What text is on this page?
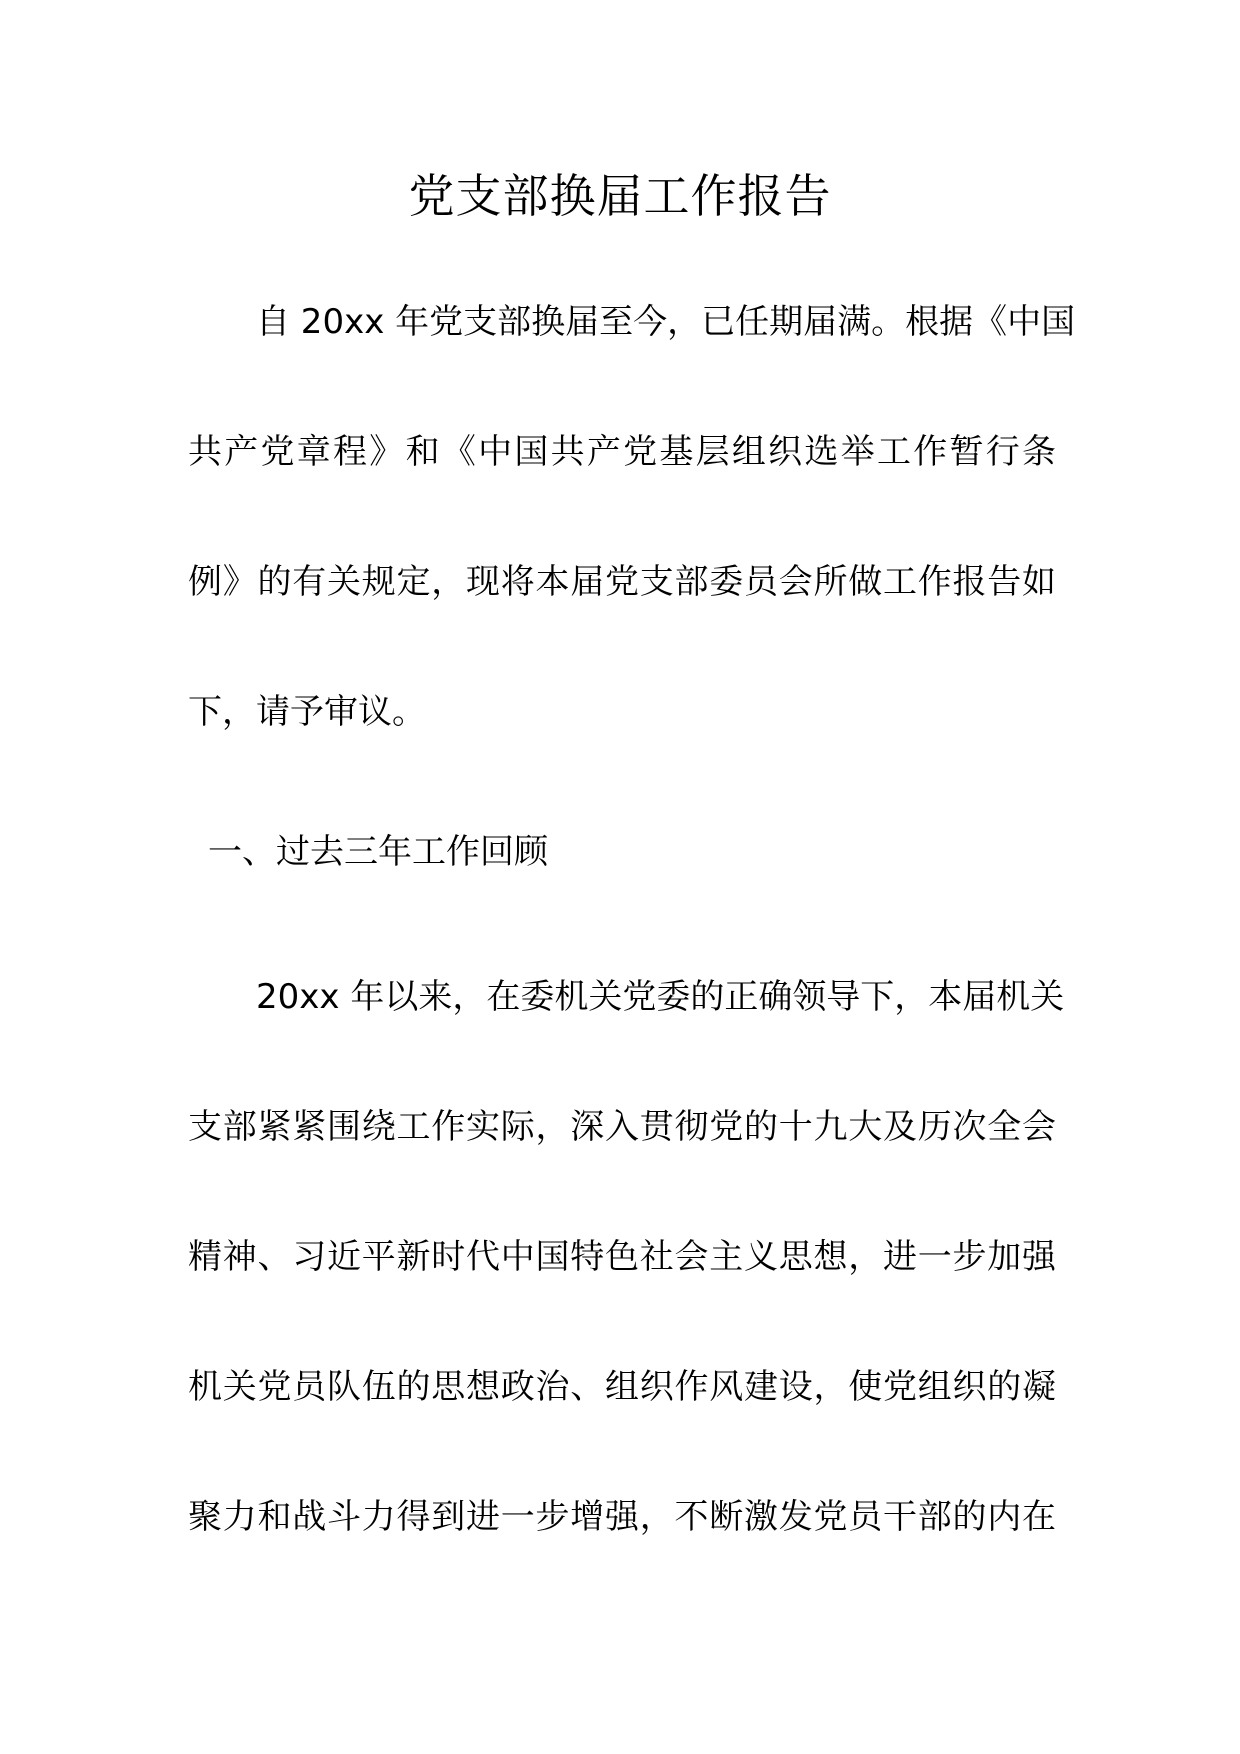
党支部换届工作报告
自 20xx 年党支部换届至今，已任期届满。根据《中国
共产党章程》和《中国共产党基层组织选举工作暂行条
例》的有关规定，现将本届党支部委员会所做工作报告如
下，请予审议。
一、过去三年工作回顾
20xx 年以来，在委机关党委的正确领导下，本届机关
支部紧紧围绕工作实际，深入贯彻党的十九大及历次全会
精神、习近平新时代中国特色社会主义思想，进一步加强
机关党员队伍的思想政治、组织作风建设，使党组织的凝
聚力和战斗力得到进一步增强，不断激发党员干部的内在
